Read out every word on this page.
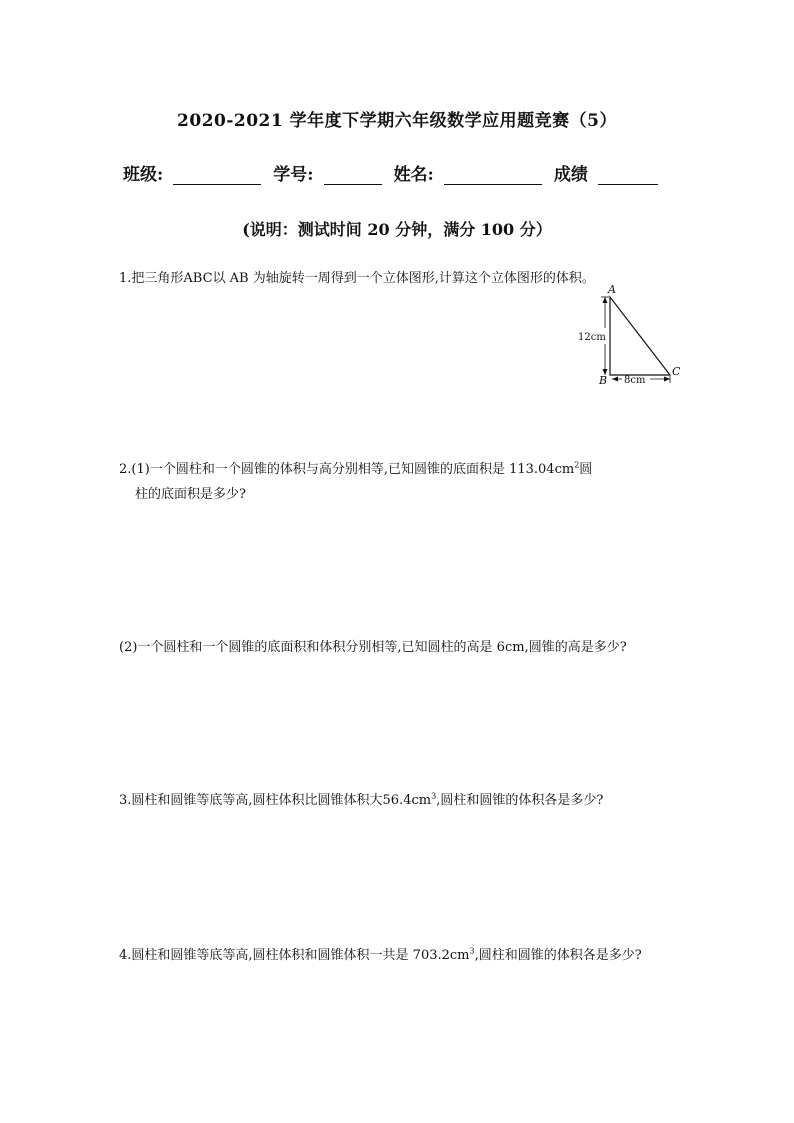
2020-2021 学年度下学期六年级数学应用题竞赛（5）
班级:	学号:	姓名:	成绩
(说明：测试时间 20 分钟，满分 100 分）
1.把三角形ABC以 AB 为轴旋转一周得到一个立体图形,计算这个立体图形的体积。
A
B
C
12cm
8cm
2.(1)一个圆柱和一个圆锥的体积与高分别相等,已知圆锥的底面积是 $113.04cm^2$圆
柱的底面积是多少?
(2)一个圆柱和一个圆锥的底面积和体积分别相等,已知圆柱的高是 6cm,圆锥的高是多少?
3.圆柱和圆锥等底等高,圆柱体积比圆锥体积大$56.4cm^3$,圆柱和圆锥的体积各是多少?
4.圆柱和圆锥等底等高,圆柱体积和圆锥体积一共是 $703.2cm^3$,圆柱和圆锥的体积各是多少?
